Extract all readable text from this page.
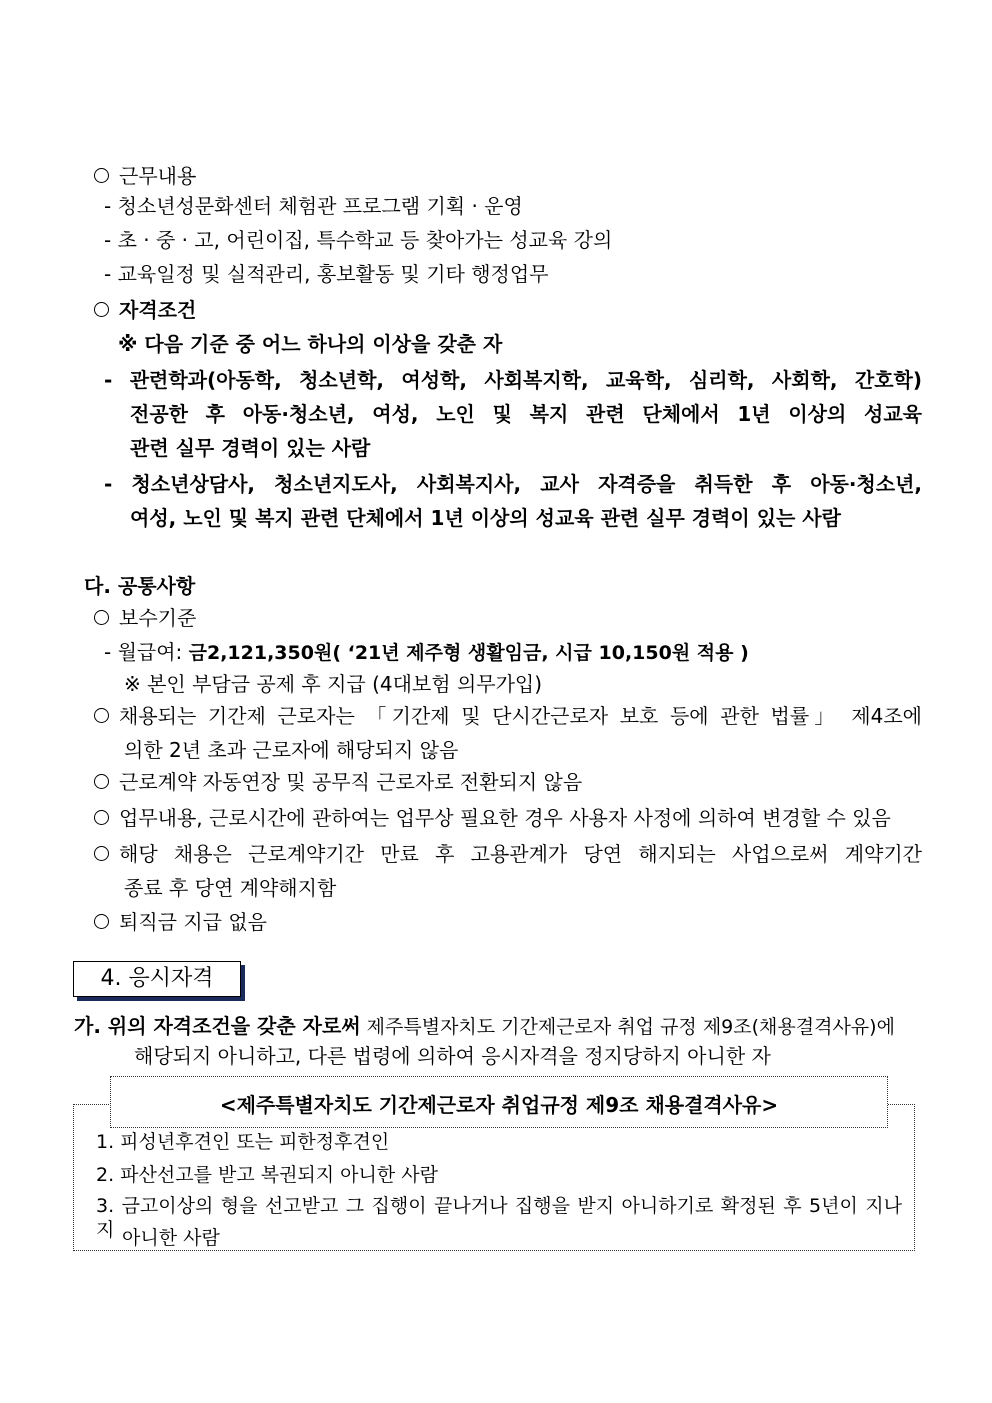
근무내용
- 청소년성문화센터 체험관 프로그램 기획 · 운영
- 초 · 중 · 고, 어린이집, 특수학교 등 찾아가는 성교육 강의
- 교육일정 및 실적관리, 홍보활동 및 기타 행정업무
자격조건
※ 다음 기준 중 어느 하나의 이상을 갖춘 자
- 관련학과(아동학, 청소년학, 여성학, 사회복지학, 교육학, 심리학, 사회학, 간호학)
전공한 후 아동·청소년, 여성, 노인 및 복지 관련 단체에서 1년 이상의 성교육
관련 실무 경력이 있는 사람
- 청소년상담사, 청소년지도사, 사회복지사, 교사 자격증을 취득한 후 아동·청소년,
여성, 노인 및 복지 관련 단체에서 1년 이상의 성교육 관련 실무 경력이 있는 사람
다. 공통사항
보수기준
- 월급여: 금2,121,350원( ‘21년 제주형 생활임금, 시급 10,150원 적용 )
※ 본인 부담금 공제 후 지급 (4대보험 의무가입)
채용되는 기간제 근로자는 「기간제 및 단시간근로자 보호 등에 관한 법률」 제4조에
의한 2년 초과 근로자에 해당되지 않음
근로계약 자동연장 및 공무직 근로자로 전환되지 않음
업무내용, 근로시간에 관하여는 업무상 필요한 경우 사용자 사정에 의하여 변경할 수 있음
해당 채용은 근로계약기간 만료 후 고용관계가 당연 해지되는 사업으로써 계약기간
종료 후 당연 계약해지함
퇴직금 지급 없음
4. 응시자격
가. 위의 자격조건을 갖춘 자로써 제주특별자치도 기간제근로자 취업 규정 제9조(채용결격사유)에
해당되지 아니하고, 다른 법령에 의하여 응시자격을 정지당하지 아니한 자
<제주특별자치도 기간제근로자 취업규정 제9조 채용결격사유>
1. 피성년후견인 또는 피한정후견인
2. 파산선고를 받고 복권되지 아니한 사람
3. 금고이상의 형을 선고받고 그 집행이 끝나거나 집행을 받지 아니하기로 확정된 후 5년이 지나지 아니한 사람
